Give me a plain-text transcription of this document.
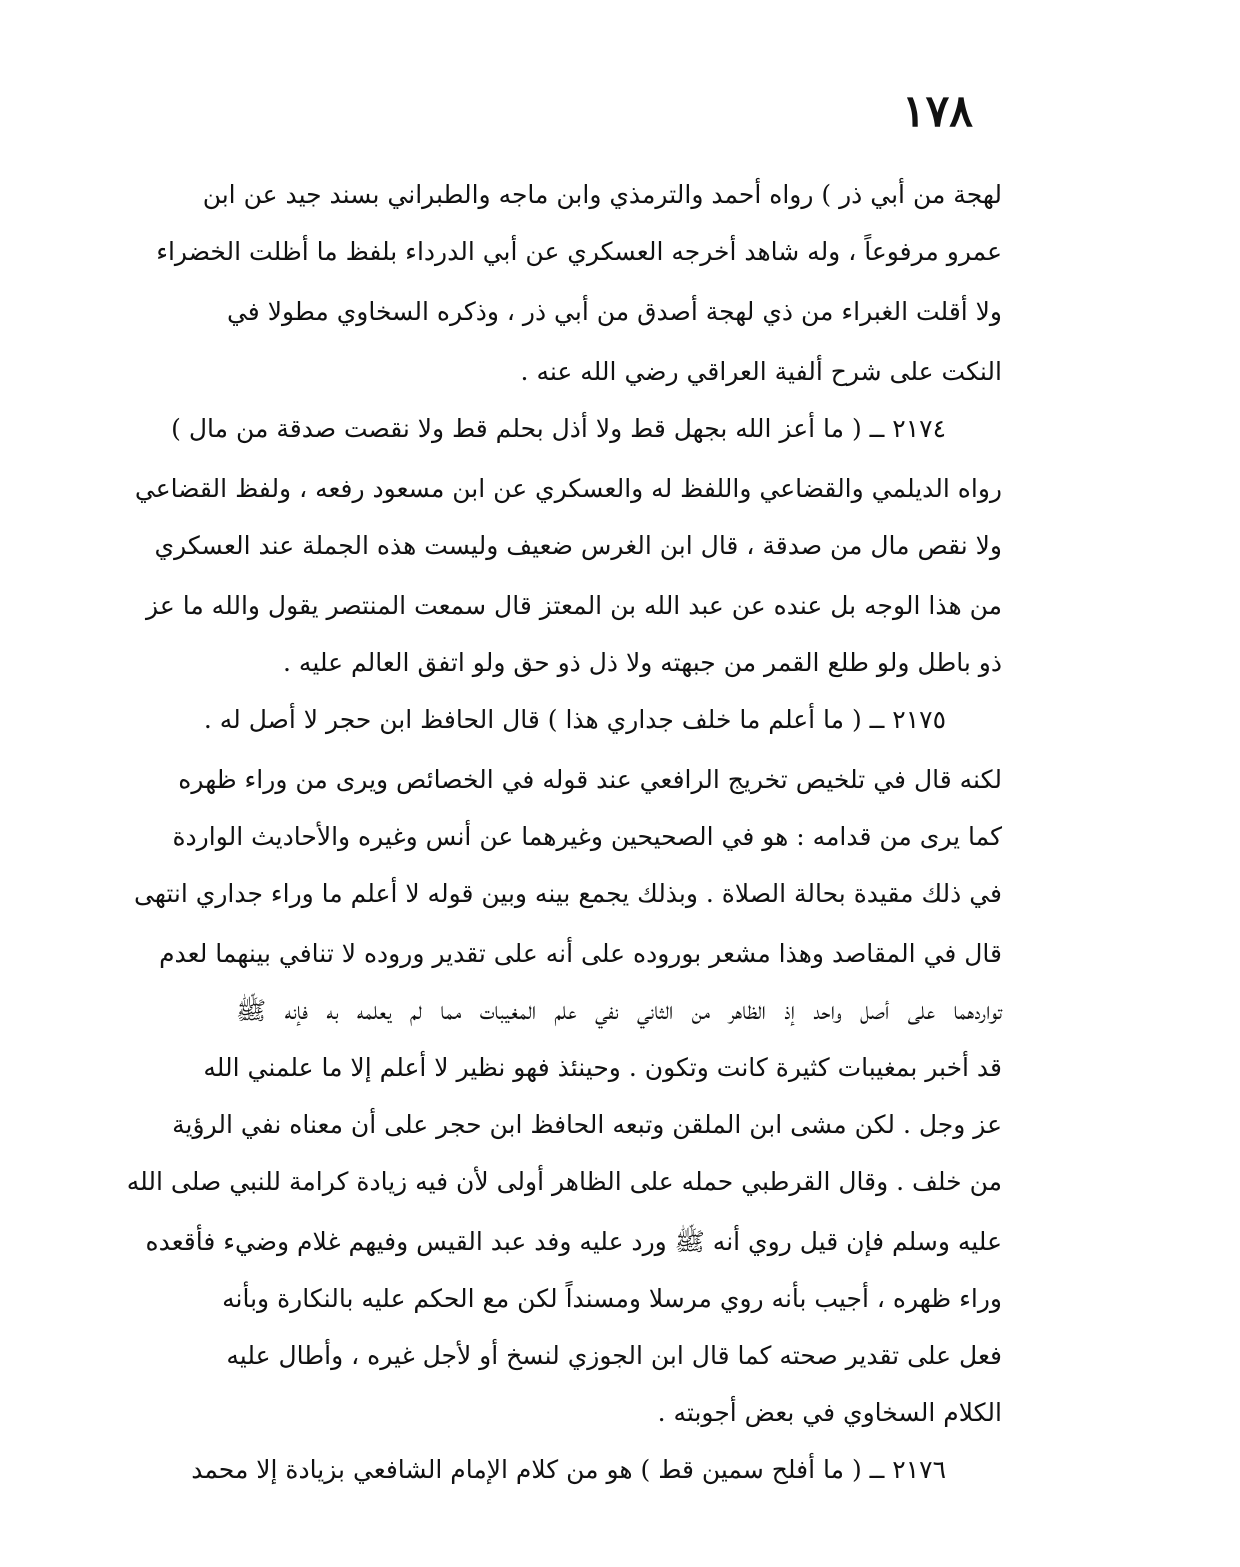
١٧٨
لهجة من أبي ذر ) رواه أحمد والترمذي وابن ماجه والطبراني بسند جيد عن ابن
عمرو مرفوعاً ، وله شاهد أخرجه العسكري عن أبي الدرداء بلفظ ما أظلت الخضراء
ولا أقلت الغبراء من ذي لهجة أصدق من أبي ذر ، وذكره السخاوي مطولا في
النكت على شرح ألفية العراقي رضي الله عنه .
٢١٧٤ ــ ( ما أعز الله بجهل قط ولا أذل بحلم قط ولا نقصت صدقة من مال )
رواه الديلمي والقضاعي واللفظ له والعسكري عن ابن مسعود رفعه ، ولفظ القضاعي
ولا نقص مال من صدقة ، قال ابن الغرس ضعيف وليست هذه الجملة عند العسكري
من هذا الوجه بل عنده عن عبد الله بن المعتز قال سمعت المنتصر يقول والله ما عز
ذو باطل ولو طلع القمر من جبهته ولا ذل ذو حق ولو اتفق العالم عليه .
٢١٧٥ ــ ( ما أعلم ما خلف جداري هذا ) قال الحافظ ابن حجر لا أصل له .
لكنه قال في تلخيص تخريج الرافعي عند قوله في الخصائص ويرى من وراء ظهره
كما يرى من قدامه : هو في الصحيحين وغيرهما عن أنس وغيره والأحاديث الواردة
في ذلك مقيدة بحالة الصلاة . وبذلك يجمع بينه وبين قوله لا أعلم ما وراء جداري انتهى
قال في المقاصد وهذا مشعر بوروده على أنه على تقدير وروده لا تنافي بينهما لعدم
تواردهما على أصل واحد إذ الظاهر من الثاني نفي علم المغيبات مما لم يعلمه به فإنه ﷺ
قد أخبر بمغيبات كثيرة كانت وتكون . وحينئذ فهو نظير لا أعلم إلا ما علمني الله
عز وجل . لكن مشى ابن الملقن وتبعه الحافظ ابن حجر على أن معناه نفي الرؤية
من خلف . وقال القرطبي حمله على الظاهر أولى لأن فيه زيادة كرامة للنبي صلى الله
عليه وسلم فإن قيل روي أنه ﷺ ورد عليه وفد عبد القيس وفيهم غلام وضيء فأقعده
وراء ظهره ، أجيب بأنه روي مرسلا ومسنداً لكن مع الحكم عليه بالنكارة وبأنه
فعل على تقدير صحته كما قال ابن الجوزي لنسخ أو لأجل غيره ، وأطال عليه
الكلام السخاوي في بعض أجوبته .
٢١٧٦ ــ ( ما أفلح سمين قط ) هو من كلام الإمام الشافعي بزيادة إلا محمد
